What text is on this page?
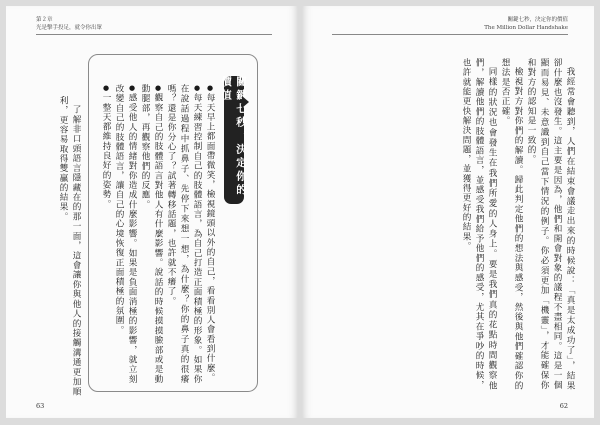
第２章
光是擊手投足，就令你出眾
關鍵七秒，決定你的價值
●每天早上都面帶微笑，檢視鏡頭以外的自己，看看別人會看到什麼。
●每天練習控制自己的肢體語言，為自己打造正面積極的形象。如果你在說話過程中抓鼻子、先停下來想一想，為什麼？你的鼻子真的很癢嗎？還是你分心了？試著轉移話題，也許就不癢了。
●觀察自己的肢體語言對他人有什麼影響。說話的時候摸摸臉部或是動動腿部，再觀察他們的反應。
●感受他人的情緒對你造成什麼影響。如果是負面消極的影響，就立刻改變自己的肢體語言，讓自己的心境恢復正面積極的氛圍。
●一整天都維持良好的姿勢。

了解非口頭語言隱藏在的那一面，這會讓你與他人的接觸溝通更加順利，更容易取得雙贏的結果。

63
關鍵七秒，決定你的價值
The Million Dollar Handshake

我經常會聽到，人們在結束會議走出來的時候說：「真是太成功了」，結果卻什麼也沒發生。這主要是因為，他們和開會對象的議程不盡相同。這是一個顯而易見、未意識到自己當下情況的例子。你必須更加「機靈」，才能確保你和對方的認知是一致的。

檢視對方對你們的解讀。歸此判定他們的想法與感受，然後與他們確認你的想法是否正確。

同樣的狀況也會發生在我們所愛的人身上。要是我們真的花點時間觀察他們，解讀他們的肢體語言，並感受我們給予他們的感受，尤其在爭吵的時候，也許就能更快解決問題，並獲得更好的結果。

62
